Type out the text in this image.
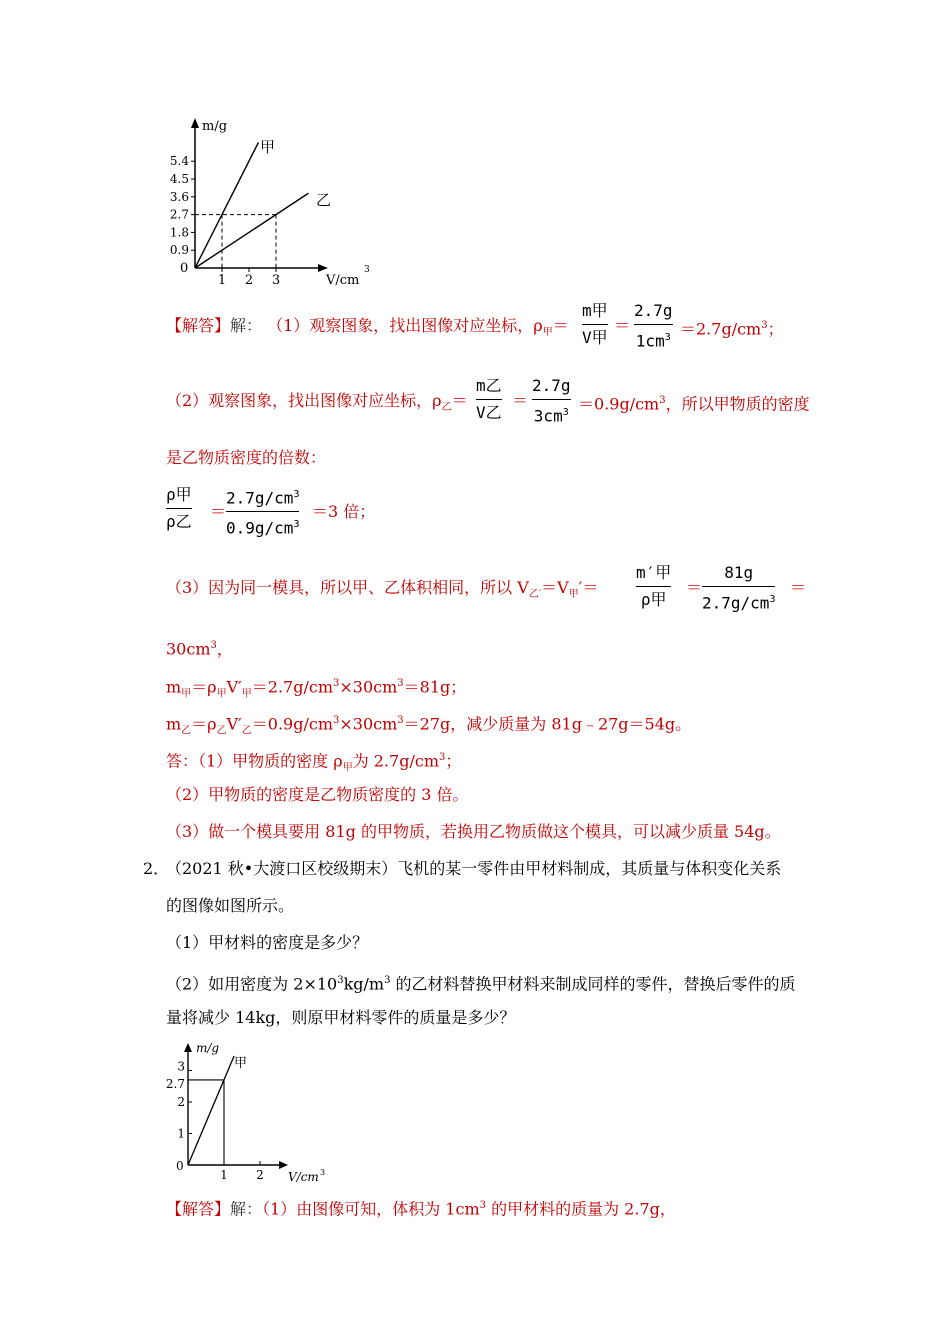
0.9
1.8
2.7
3.6
4.5
5.4
1 2 3
m/g
V/cm
3
0
甲
乙
【解答】解： （1）观察图象，找出图像对应坐标，$\rho_甲=$
m甲
V甲
＝
2.7g
$1cm^3 =2.7g/cm^3$；
（2）观察图象，找出图像对应坐标，$\rho_乙=$
m乙
V乙
＝
2.7g
$3cm^3 =0.9g/cm^3$，所以甲物质的密度
是乙物质密度的倍数：
ρ甲
ρ乙
＝
$2.7g/cm^3$
$0.9g/cm^3$
＝3 倍；
（3）因为同一模具，所以甲、乙体积相同，所以 $V_{乙'}=V_甲'=$
m′甲
ρ甲
＝
81g
$2.7g/cm^3$
＝
$30cm^3$，
$m_甲=\rho_甲V'_甲=2.7g/cm^3\times 30cm^3=81g$；
$m_乙=\rho_乙V'_乙=0.9g/cm^3\times 30cm^3=27g$，减少质量为 81g﹣27g＝54g。
答：（1）甲物质的密度 $\rho_甲$为 $2.7g/cm^3$；
（2）甲物质的密度是乙物质密度的 3 倍。
（3）做一个模具要用 81g 的甲物质，若换用乙物质做这个模具，可以减少质量 54g。
2．
（2021 秋•大渡口区校级期末）飞机的某一零件由甲材料制成，其质量与体积变化关系
的图像如图所示。
（1）甲材料的密度是多少？
（2）如用密度为 $2\times 10^3kg/m^3$ 的乙材料替换甲材料来制成同样的零件，替换后零件的质
量将减少 14kg，则原甲材料零件的质量是多少？
3
2.7
2
1
1 2
m/g
V/cm 3
0
甲
【解答】解：（1）由图像可知，体积为 $1cm^3$ 的甲材料的质量为 2.7g，
